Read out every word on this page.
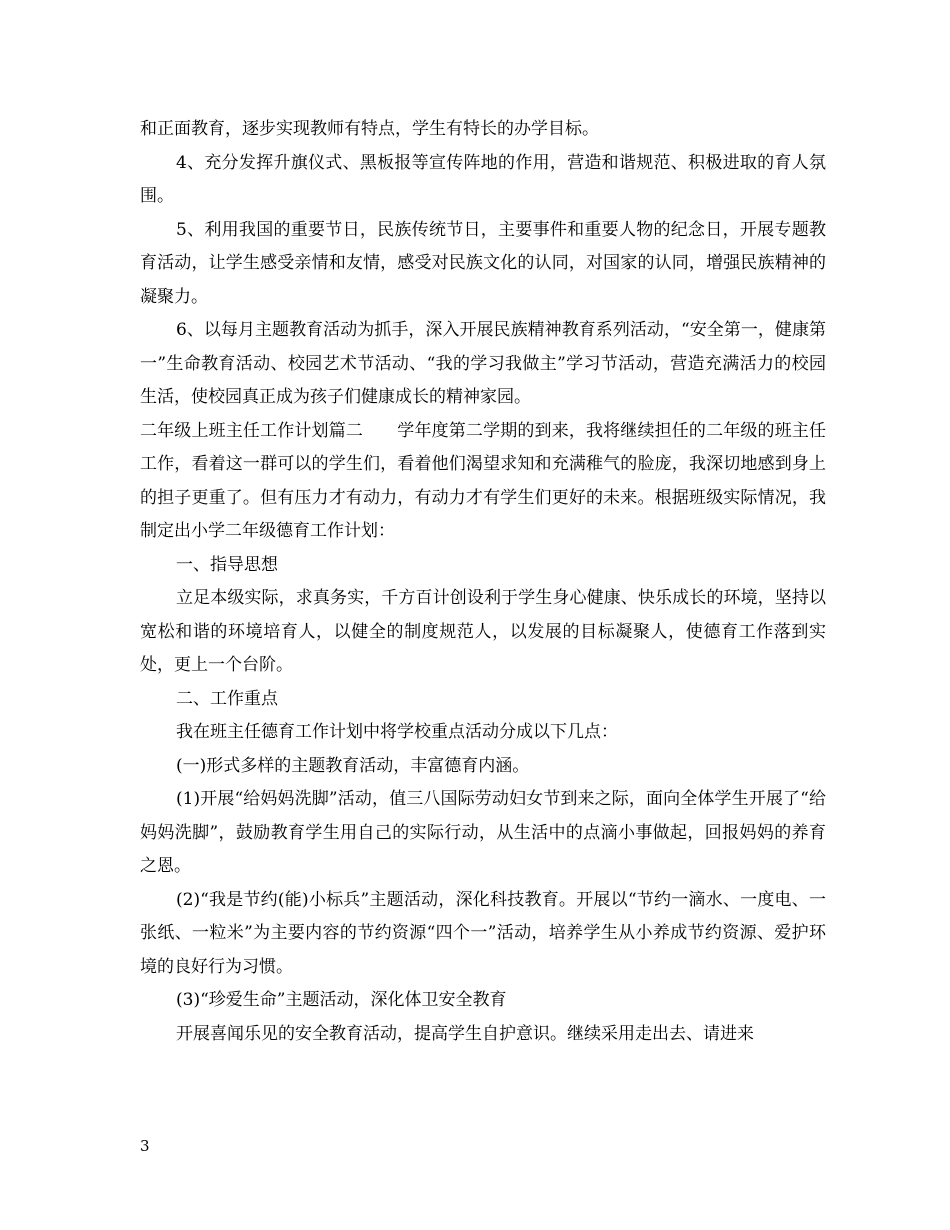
和正面教育，逐步实现教师有特点，学生有特长的办学目标。

4、充分发挥升旗仪式、黑板报等宣传阵地的作用，营造和谐规范、积极进取的育人氛围。

5、利用我国的重要节日，民族传统节日，主要事件和重要人物的纪念日，开展专题教育活动，让学生感受亲情和友情，感受对民族文化的认同，对国家的认同，增强民族精神的凝聚力。

6、以每月主题教育活动为抓手，深入开展民族精神教育系列活动，“安全第一，健康第一”生命教育活动、校园艺术节活动、“我的学习我做主”学习节活动，营造充满活力的校园生活，使校园真正成为孩子们健康成长的精神家园。

二年级上班主任工作计划篇二　　学年度第二学期的到来，我将继续担任的二年级的班主任工作，看着这一群可以的学生们，看着他们渴望求知和充满稚气的脸庞，我深切地感到身上的担子更重了。但有压力才有动力，有动力才有学生们更好的未来。根据班级实际情况，我制定出小学二年级德育工作计划：

一、指导思想

立足本级实际，求真务实，千方百计创设利于学生身心健康、快乐成长的环境，坚持以宽松和谐的环境培育人，以健全的制度规范人，以发展的目标凝聚人，使德育工作落到实处，更上一个台阶。

二、工作重点

我在班主任德育工作计划中将学校重点活动分成以下几点：

(一)形式多样的主题教育活动，丰富德育内涵。

(1)开展“给妈妈洗脚”活动，值三八国际劳动妇女节到来之际，面向全体学生开展了“给妈妈洗脚”，鼓励教育学生用自己的实际行动，从生活中的点滴小事做起，回报妈妈的养育之恩。

(2)“我是节约(能)小标兵”主题活动，深化科技教育。开展以“节约一滴水、一度电、一张纸、一粒米”为主要内容的节约资源“四个一”活动，培养学生从小养成节约资源、爱护环境的良好行为习惯。

(3)“珍爱生命”主题活动，深化体卫安全教育

开展喜闻乐见的安全教育活动，提高学生自护意识。继续采用走出去、请进来

3
